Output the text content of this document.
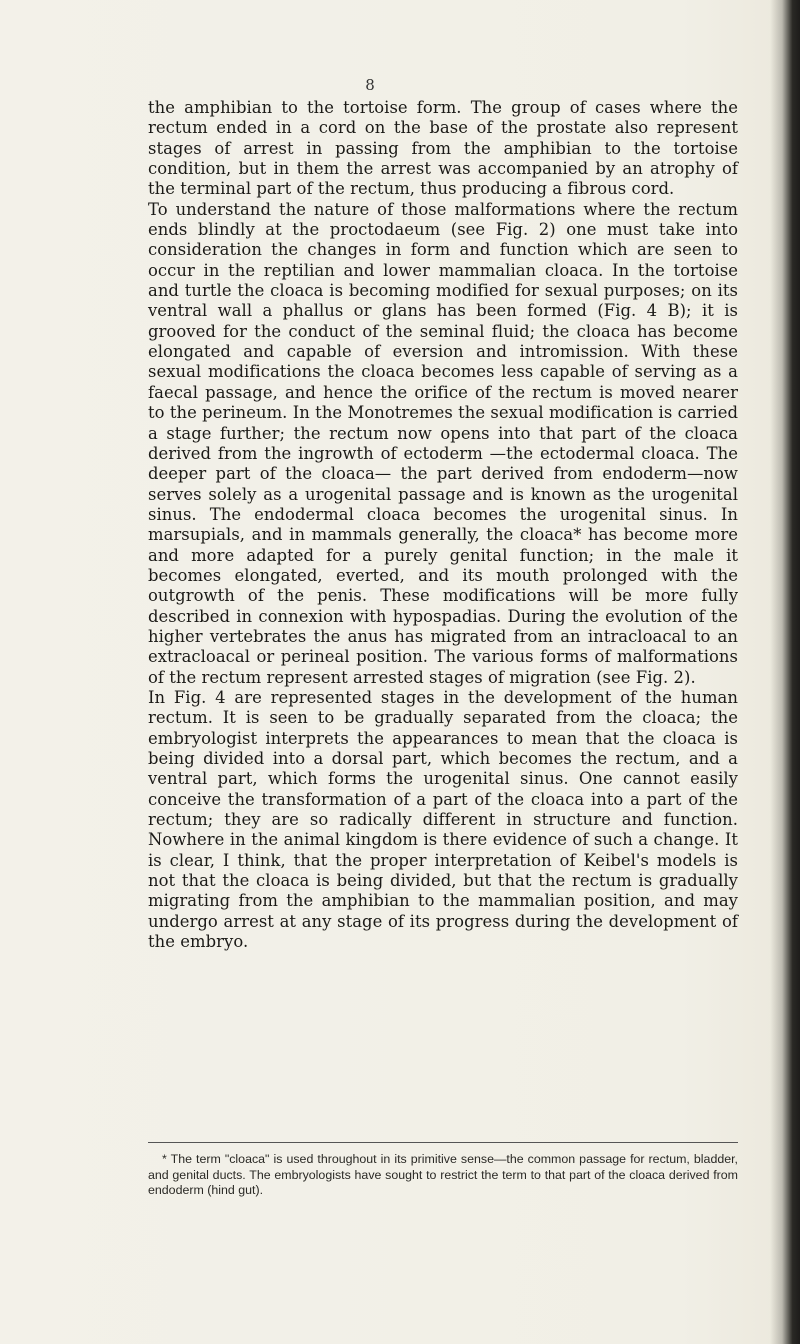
8

the amphibian to the tortoise form. The group of cases where the rectum ended in a cord on the base of the prostate also represent stages of arrest in passing from the amphibian to the tortoise condition, but in them the arrest was accompanied by an atrophy of the terminal part of the rectum, thus producing a fibrous cord.

To understand the nature of those malformations where the rectum ends blindly at the proctodaeum (see Fig. 2) one must take into consideration the changes in form and function which are seen to occur in the reptilian and lower mammalian cloaca. In the tortoise and turtle the cloaca is becoming modified for sexual purposes; on its ventral wall a phallus or glans has been formed (Fig. 4 B); it is grooved for the conduct of the seminal fluid; the cloaca has become elongated and capable of eversion and intromission. With these sexual modifications the cloaca becomes less capable of serving as a faecal passage, and hence the orifice of the rectum is moved nearer to the perineum. In the Monotremes the sexual modification is carried a stage further; the rectum now opens into that part of the cloaca derived from the ingrowth of ectoderm —the ectodermal cloaca. The deeper part of the cloaca— the part derived from endoderm—now serves solely as a urogenital passage and is known as the urogenital sinus. The endodermal cloaca becomes the urogenital sinus. In marsupials, and in mammals generally, the cloaca* has become more and more adapted for a purely genital function; in the male it becomes elongated, everted, and its mouth prolonged with the outgrowth of the penis. These modifications will be more fully described in connexion with hypospadias. During the evolution of the higher vertebrates the anus has migrated from an intracloacal to an extracloacal or perineal position. The various forms of malformations of the rectum represent arrested stages of migration (see Fig. 2).

In Fig. 4 are represented stages in the development of the human rectum. It is seen to be gradually separated from the cloaca; the embryologist interprets the appearances to mean that the cloaca is being divided into a dorsal part, which becomes the rectum, and a ventral part, which forms the urogenital sinus. One cannot easily conceive the transformation of a part of the cloaca into a part of the rectum; they are so radically different in structure and function. Nowhere in the animal kingdom is there evidence of such a change. It is clear, I think, that the proper interpretation of Keibel's models is not that the cloaca is being divided, but that the rectum is gradually migrating from the amphibian to the mammalian position, and may undergo arrest at any stage of its progress during the development of the embryo.

* The term "cloaca" is used throughout in its primitive sense—the common passage for rectum, bladder, and genital ducts. The embryologists have sought to restrict the term to that part of the cloaca derived from endoderm (hind gut).
